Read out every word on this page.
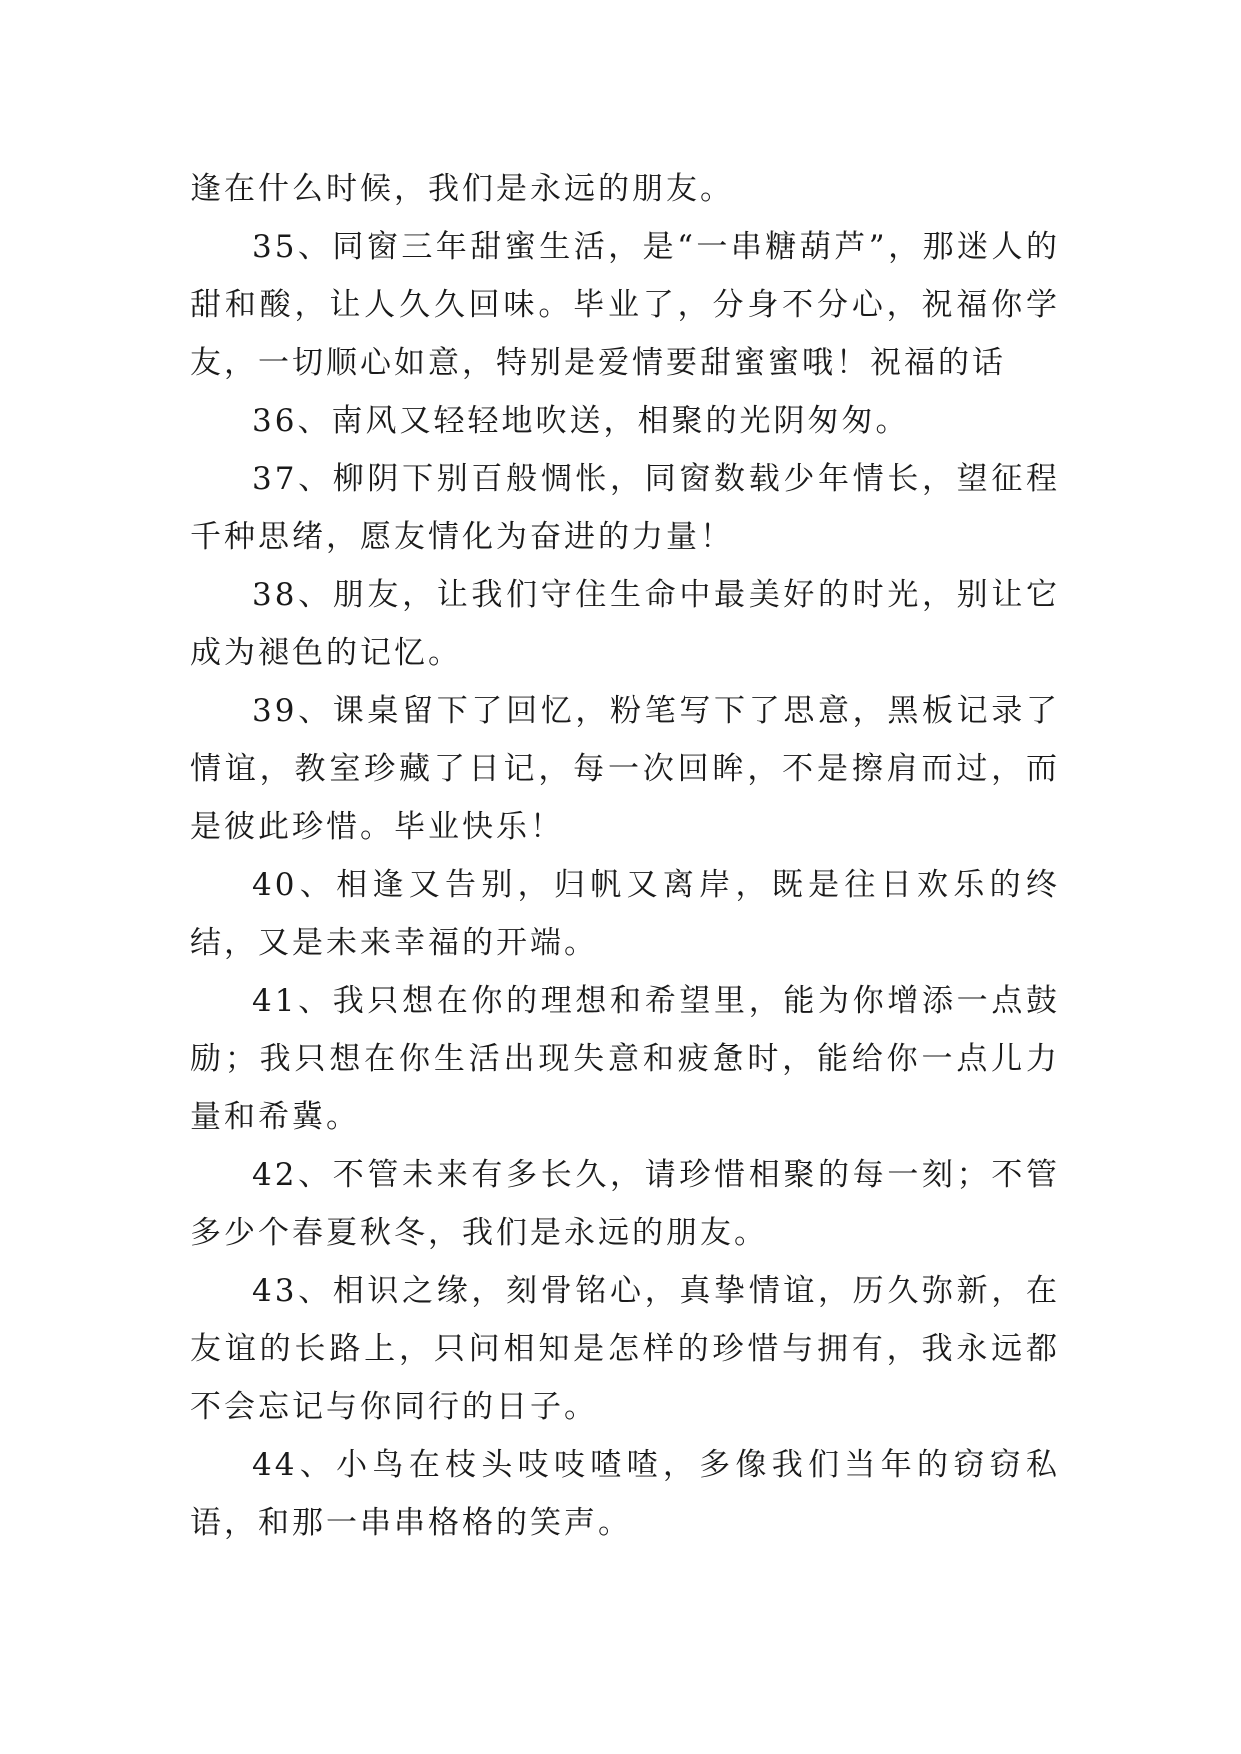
逢在什么时候，我们是永远的朋友。

35、同窗三年甜蜜生活，是“一串糖葫芦”，那迷人的甜和酸，让人久久回味。毕业了，分身不分心，祝福你学友，一切顺心如意，特别是爱情要甜蜜蜜哦！祝福的话

36、南风又轻轻地吹送，相聚的光阴匆匆。

37、柳阴下别百般惆怅，同窗数载少年情长，望征程千种思绪，愿友情化为奋进的力量！

38、朋友，让我们守住生命中最美好的时光，别让它成为褪色的记忆。

39、课桌留下了回忆，粉笔写下了思意，黑板记录了情谊，教室珍藏了日记，每一次回眸，不是擦肩而过，而是彼此珍惜。毕业快乐！

40、相逢又告别，归帆又离岸，既是往日欢乐的终结，又是未来幸福的开端。

41、我只想在你的理想和希望里，能为你增添一点鼓励；我只想在你生活出现失意和疲惫时，能给你一点儿力量和希冀。

42、不管未来有多长久，请珍惜相聚的每一刻；不管多少个春夏秋冬，我们是永远的朋友。

43、相识之缘，刻骨铭心，真挚情谊，历久弥新，在友谊的长路上，只问相知是怎样的珍惜与拥有，我永远都不会忘记与你同行的日子。

44、小鸟在枝头吱吱喳喳，多像我们当年的窃窃私语，和那一串串格格的笑声。
